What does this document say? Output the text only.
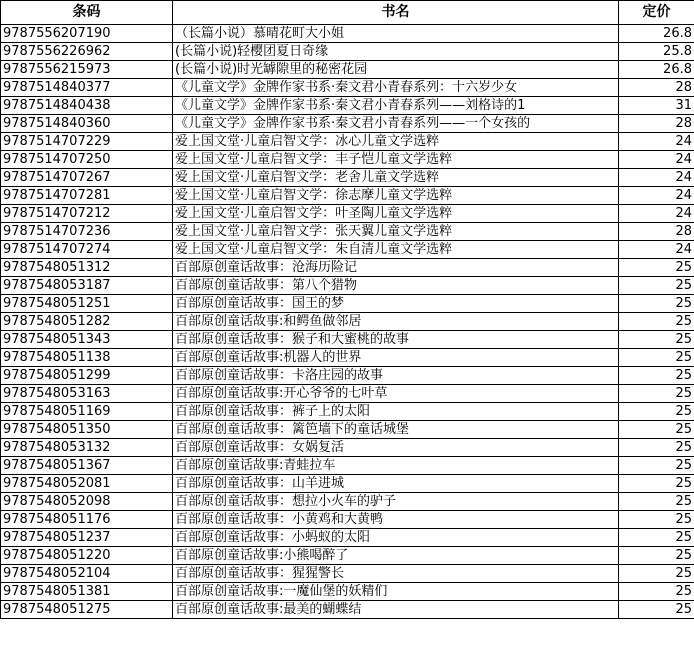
条码	书名	定价
9787556207190	（长篇小说）慕晴花町大小姐	26.8
9787556226962	(长篇小说)轻樱团夏日奇缘	25.8
9787556215973	(长篇小说)时光罅隙里的秘密花园	26.8
9787514840377	《儿童文学》金牌作家书系·秦文君小青春系列：十六岁少女	28
9787514840438	《儿童文学》金牌作家书系·秦文君小青春系列——刘格诗的1	31
9787514840360	《儿童文学》金牌作家书系·秦文君小青春系列——一个女孩的	28
9787514707229	爱上国文堂·儿童启智文学：冰心儿童文学选粹	24
9787514707250	爱上国文堂·儿童启智文学：丰子恺儿童文学选粹	24
9787514707267	爱上国文堂·儿童启智文学：老舍儿童文学选粹	24
9787514707281	爱上国文堂·儿童启智文学：徐志摩儿童文学选粹	24
9787514707212	爱上国文堂·儿童启智文学：叶圣陶儿童文学选粹	24
9787514707236	爱上国文堂·儿童启智文学：张天翼儿童文学选粹	28
9787514707274	爱上国文堂·儿童启智文学：朱自清儿童文学选粹	24
9787548051312	百部原创童话故事：沧海历险记	25
9787548053187	百部原创童话故事：第八个猎物	25
9787548051251	百部原创童话故事：国王的梦	25
9787548051282	百部原创童话故事:和鳄鱼做邻居	25
9787548051343	百部原创童话故事：猴子和大蜜桃的故事	25
9787548051138	百部原创童话故事:机器人的世界	25
9787548051299	百部原创童话故事：卡洛庄园的故事	25
9787548053163	百部原创童话故事:开心爷爷的七叶草	25
9787548051169	百部原创童话故事：裤子上的太阳	25
9787548051350	百部原创童话故事：篱笆墙下的童话城堡	25
9787548053132	百部原创童话故事：女娲复活	25
9787548051367	百部原创童话故事:青蛙拉车	25
9787548052081	百部原创童话故事：山羊进城	25
9787548052098	百部原创童话故事：想拉小火车的驴子	25
9787548051176	百部原创童话故事：小黄鸡和大黄鸭	25
9787548051237	百部原创童话故事：小蚂蚁的太阳	25
9787548051220	百部原创童话故事:小熊喝醉了	25
9787548052104	百部原创童话故事：猩猩警长	25
9787548051381	百部原创童话故事:一魔仙堡的妖精们	25
9787548051275	百部原创童话故事:最美的蝴蝶结	25
